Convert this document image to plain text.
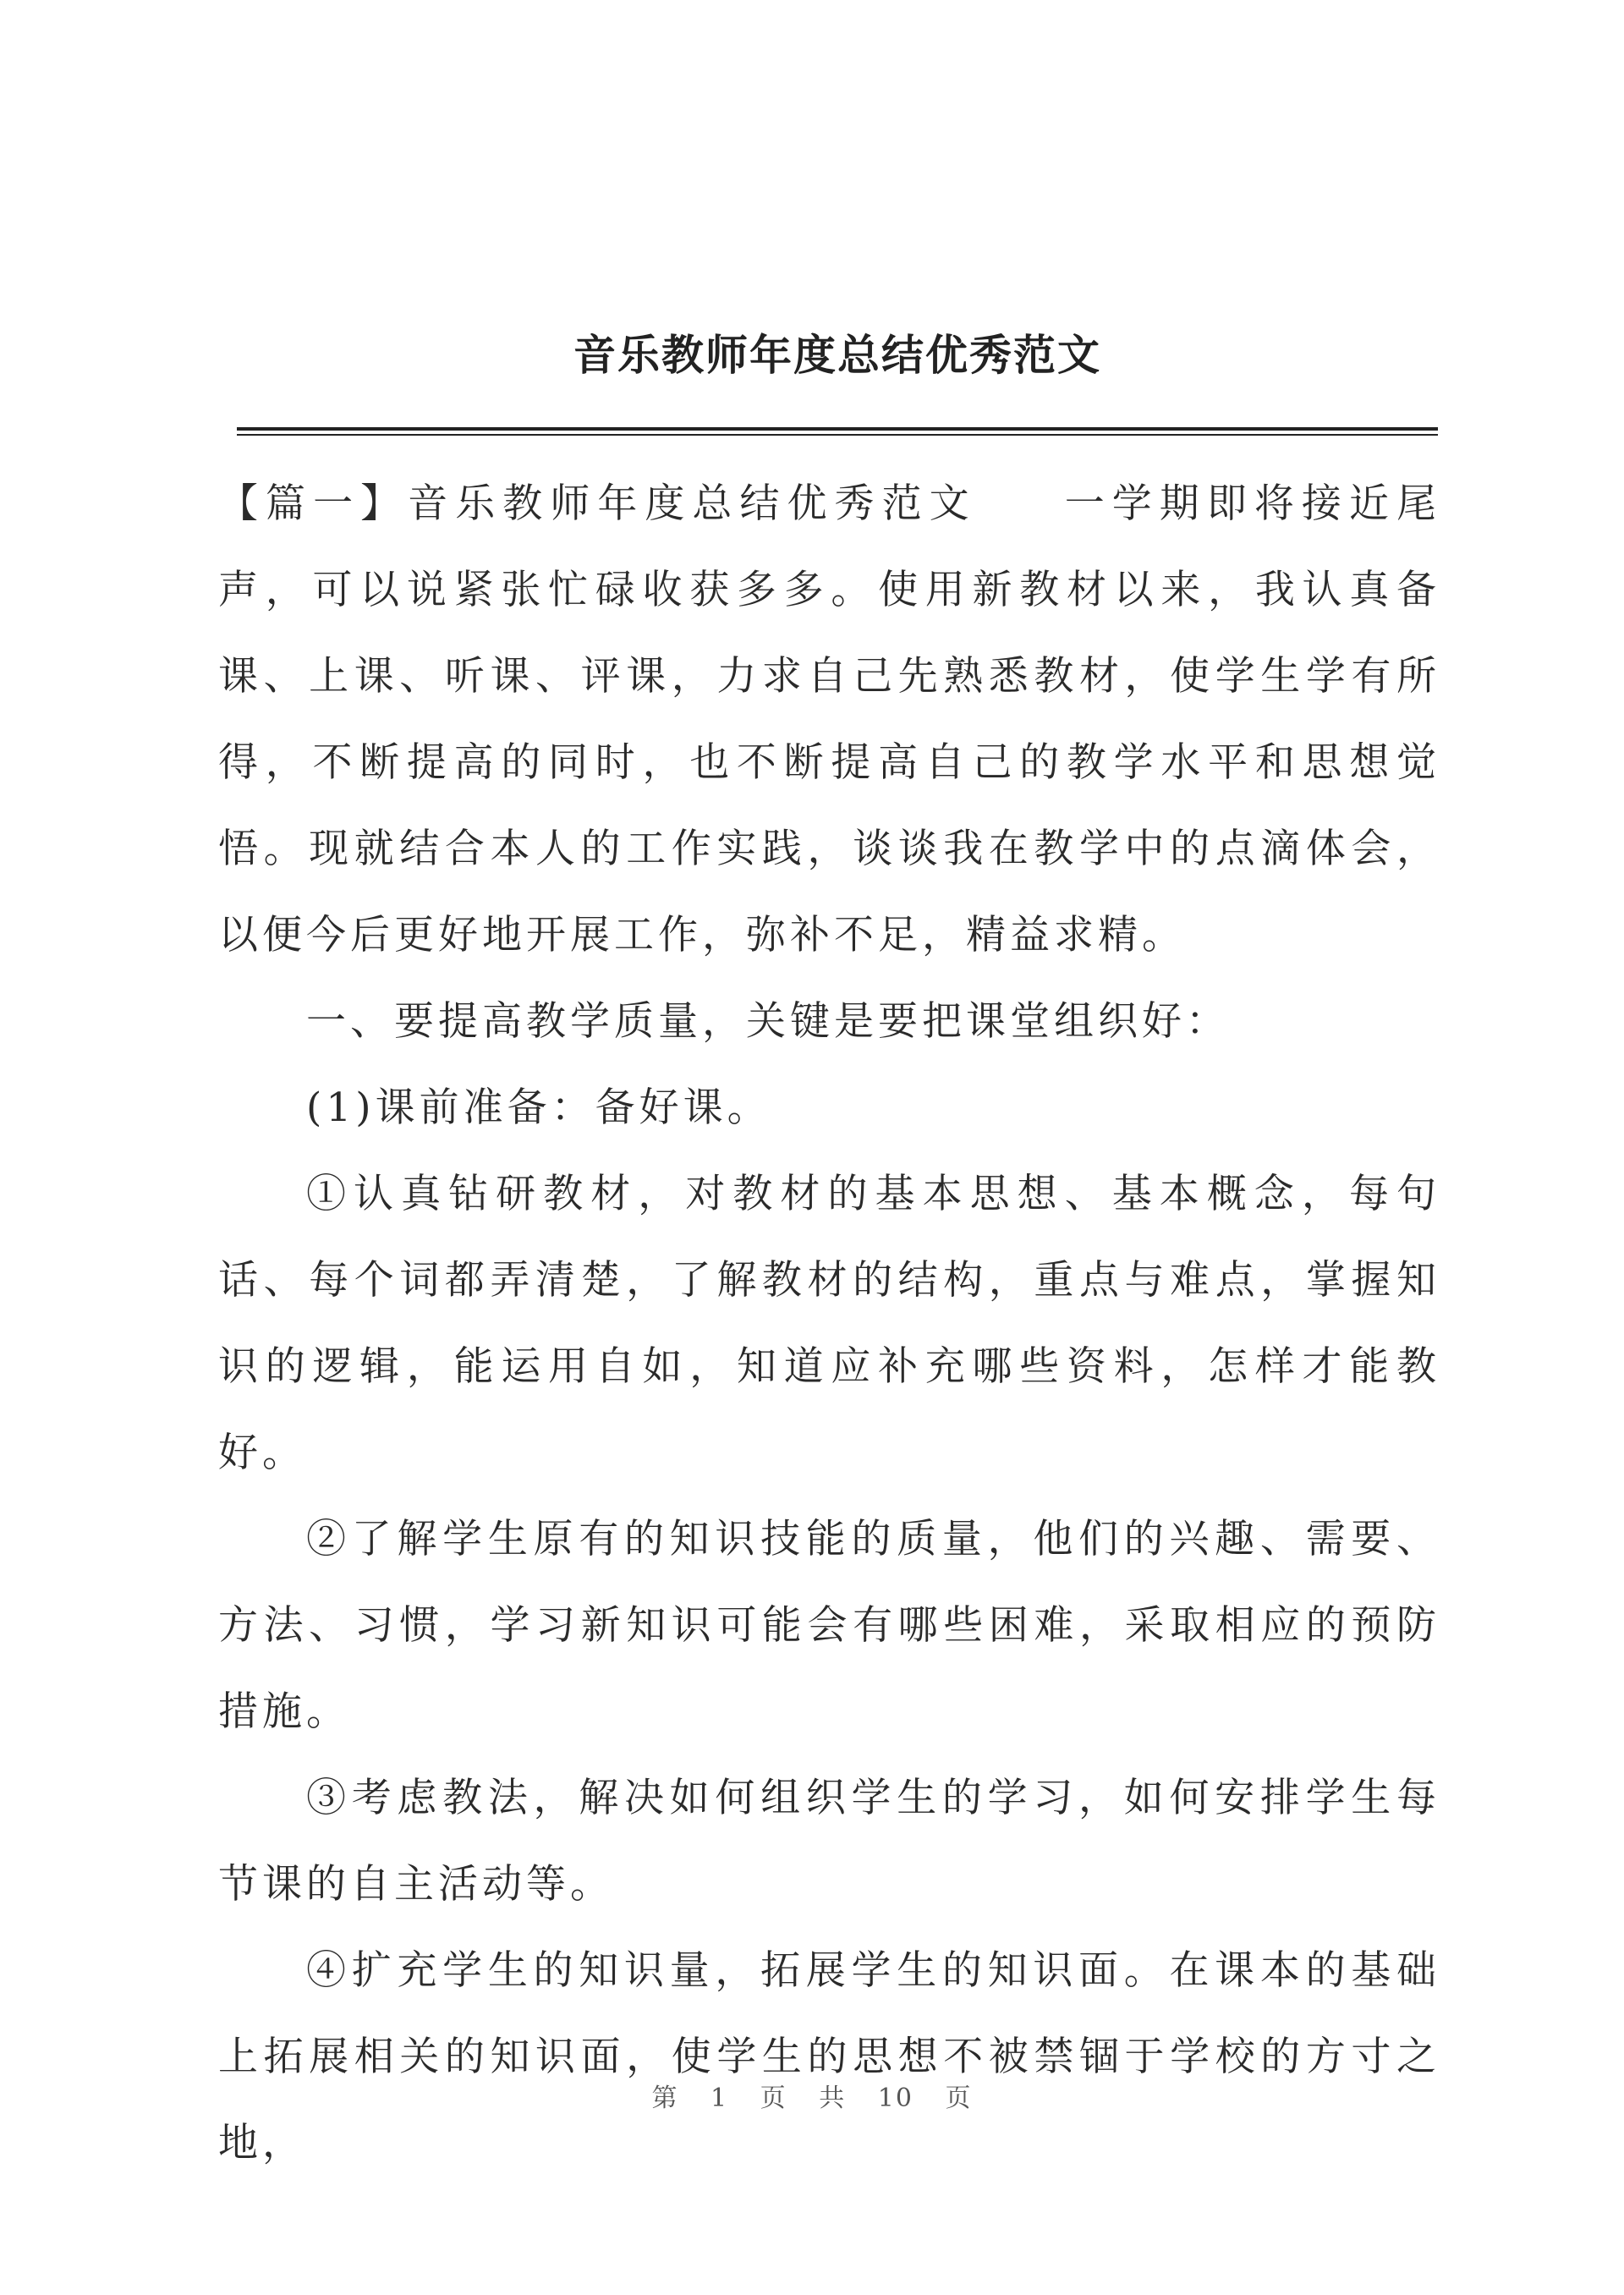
音乐教师年度总结优秀范文

【篇一】音乐教师年度总结优秀范文 一学期即将接近尾声，可以说紧张忙碌收获多多。使用新教材以来，我认真备课、上课、听课、评课，力求自己先熟悉教材，使学生学有所得，不断提高的同时，也不断提高自己的教学水平和思想觉悟。现就结合本人的工作实践，谈谈我在教学中的点滴体会，以便今后更好地开展工作，弥补不足，精益求精。

一、要提高教学质量，关键是要把课堂组织好：

(1)课前准备：备好课。

①认真钻研教材，对教材的基本思想、基本概念，每句话、每个词都弄清楚，了解教材的结构，重点与难点，掌握知识的逻辑，能运用自如，知道应补充哪些资料，怎样才能教好。

②了解学生原有的知识技能的质量，他们的兴趣、需要、方法、习惯，学习新知识可能会有哪些困难，采取相应的预防措施。

③考虑教法，解决如何组织学生的学习，如何安排学生每节课的自主活动等。

④扩充学生的知识量，拓展学生的知识面。在课本的基础上拓展相关的知识面，使学生的思想不被禁锢于学校的方寸之地，

第 1 页 共 10 页
